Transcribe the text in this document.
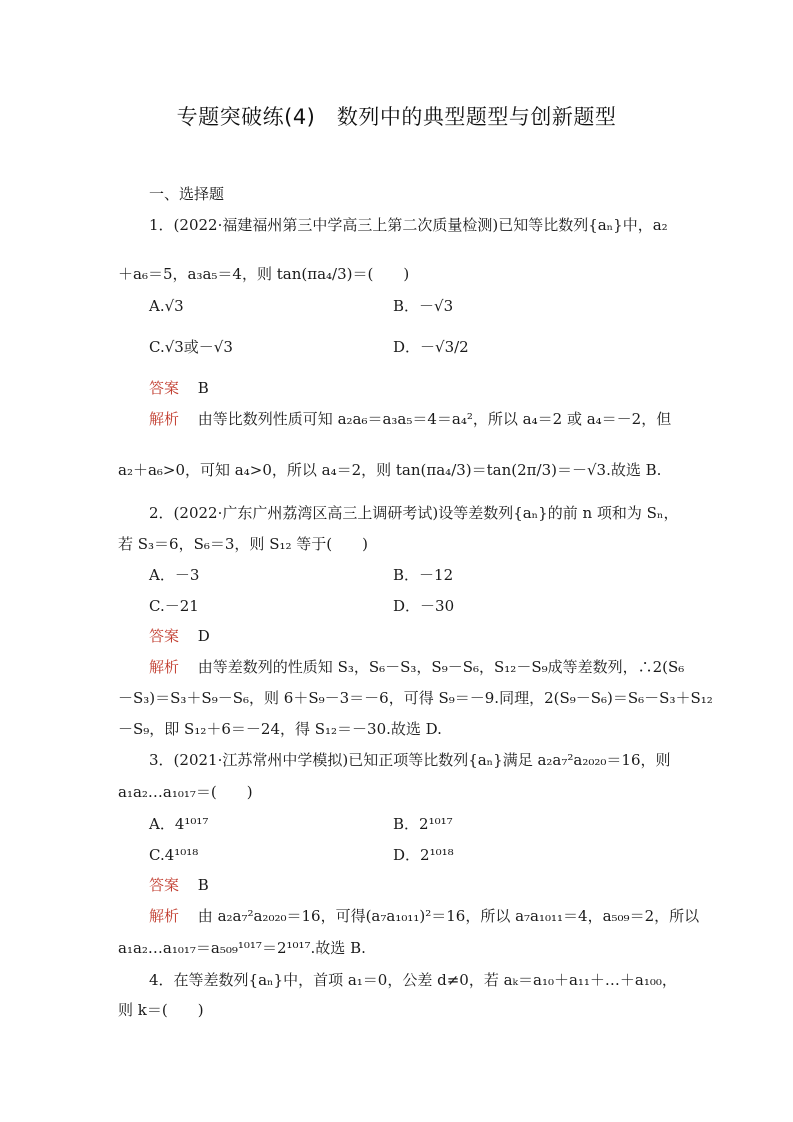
专题突破练(4)　数列中的典型题型与创新题型
一、选择题
1．(2022·福建福州第三中学高三上第二次质量检测)已知等比数列{aₙ}中，a₂
＋a₆＝5，a₃a₅＝4，则 tan(πa₄/3)＝(　　)
A.√3	B．－√3
C.√3或－√3	D．－√3/2
答案 B
解析 由等比数列性质可知 a₂a₆＝a₃a₅＝4＝a₄²，所以 a₄＝2 或 a₄＝－2，但
a₂＋a₆>0，可知 a₄>0，所以 a₄＝2，则 tan(πa₄/3)＝tan(2π/3)＝－√3.故选 B.
2．(2022·广东广州荔湾区高三上调研考试)设等差数列{aₙ}的前 n 项和为 Sₙ，
若 S₃＝6，S₆＝3，则 S₁₂ 等于(　　)
A．－3	B．－12
C.－21	D．－30
答案 D
解析 由等差数列的性质知 S₃，S₆－S₃，S₉－S₆，S₁₂－S₉成等差数列，∴2(S₆
－S₃)＝S₃＋S₉－S₆，则 6＋S₉－3＝－6，可得 S₉＝－9.同理，2(S₉－S₆)＝S₆－S₃＋S₁₂
－S₉，即 S₁₂＋6＝－24，得 S₁₂＝－30.故选 D.
3．(2021·江苏常州中学模拟)已知正项等比数列{aₙ}满足 a₂a₇²a₂₀₂₀＝16，则
a₁a₂…a₁₀₁₇＝(　　)
A．4¹⁰¹⁷	B．2¹⁰¹⁷
C.4¹⁰¹⁸	D．2¹⁰¹⁸
答案 B
解析 由 a₂a₇²a₂₀₂₀＝16，可得(a₇a₁₀₁₁)²＝16，所以 a₇a₁₀₁₁＝4，a₅₀₉＝2，所以
a₁a₂…a₁₀₁₇＝a₅₀₉¹⁰¹⁷＝2¹⁰¹⁷.故选 B.
4．在等差数列{aₙ}中，首项 a₁＝0，公差 d≠0，若 aₖ＝a₁₀＋a₁₁＋…＋a₁₀₀，
则 k＝(　　)
